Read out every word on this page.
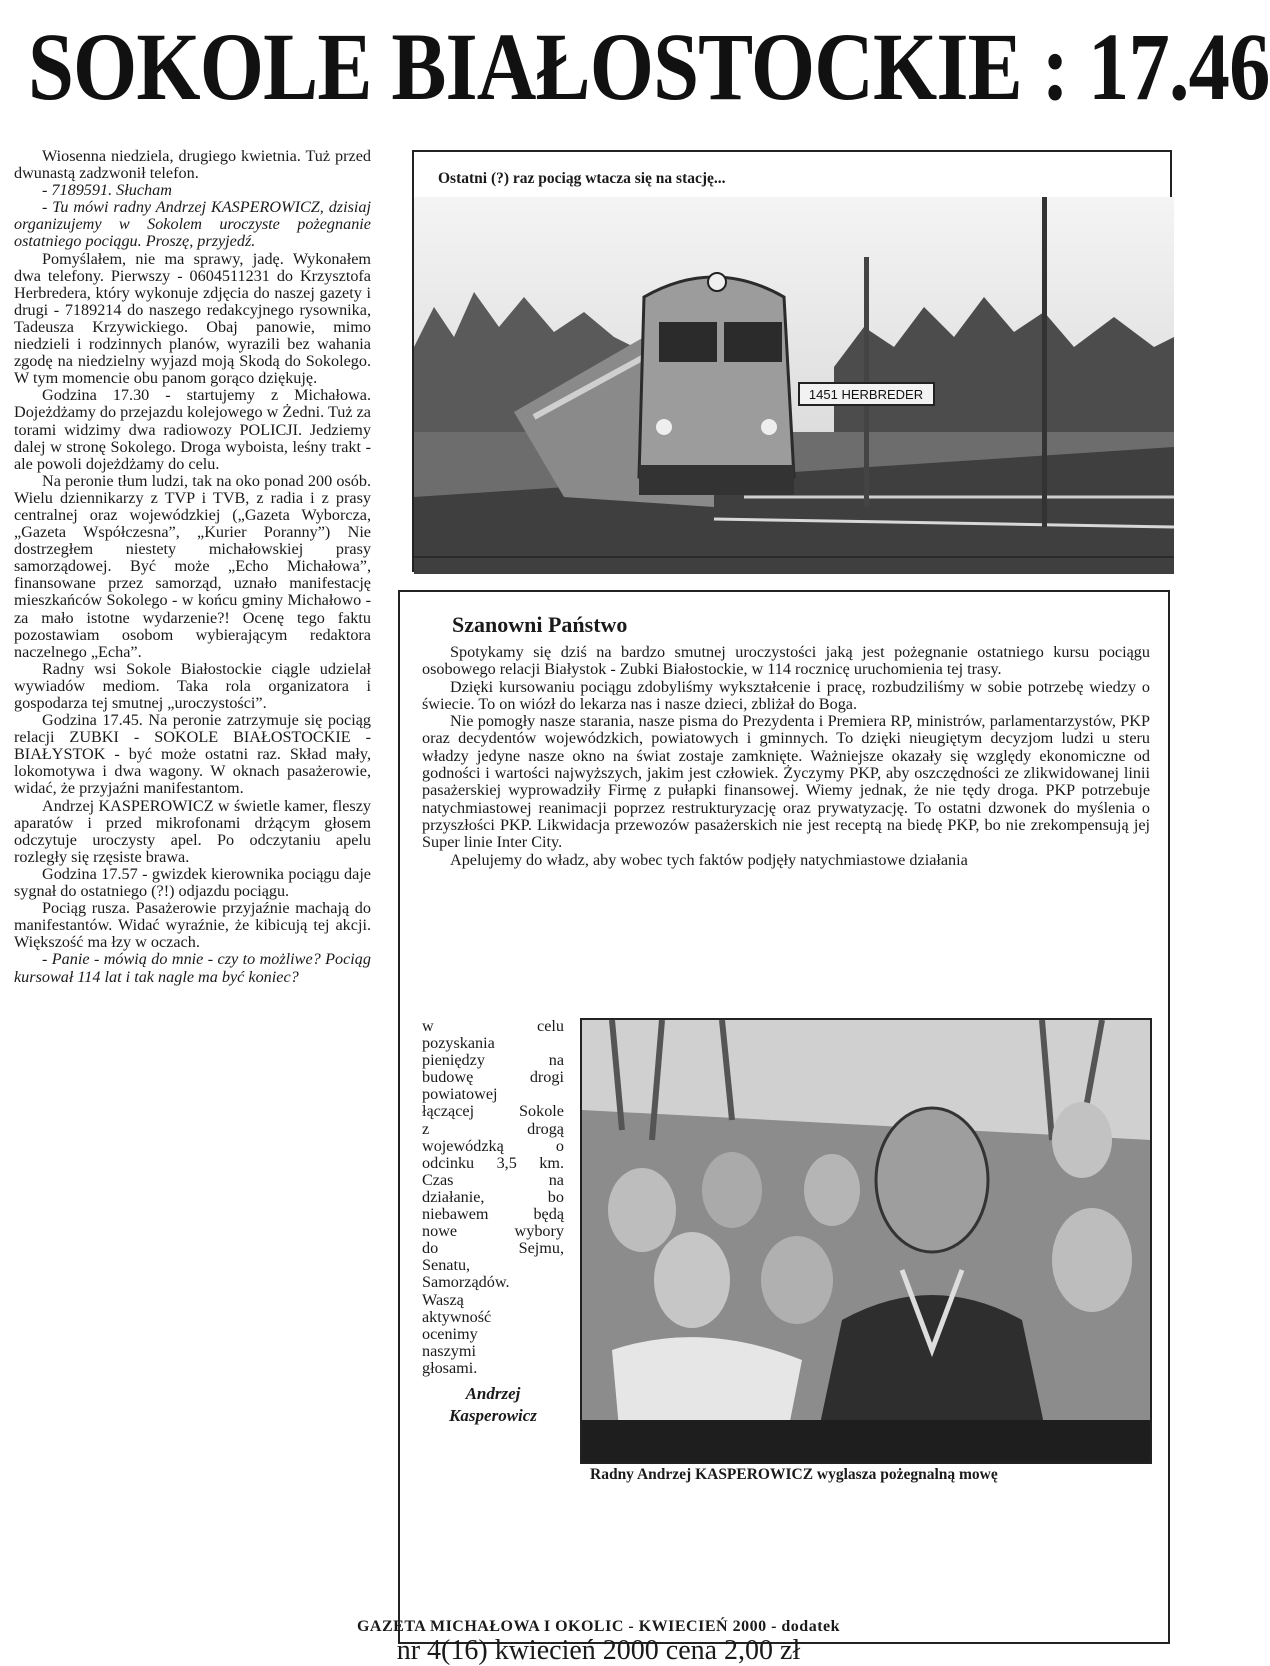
SOKOLE BIAŁOSTOCKIE : 17.46

Wiosenna niedziela, drugiego kwietnia. Tuż przed dwunastą zadzwonił telefon.

- 7189591. Słucham

- Tu mówi radny Andrzej KASPEROWICZ, dzisiaj organizujemy w Sokolem uroczyste pożegnanie ostatniego pociągu. Proszę, przyjedź.

Pomyślałem, nie ma sprawy, jadę. Wykonałem dwa telefony. Pierwszy - 0604511231 do Krzysztofa Herbredera, który wykonuje zdjęcia do naszej gazety i drugi - 7189214 do naszego redakcyjnego rysownika, Tadeusza Krzywickiego. Obaj panowie, mimo niedzieli i rodzinnych planów, wyrazili bez wahania zgodę na niedzielny wyjazd moją Skodą do Sokolego. W tym momencie obu panom gorąco dziękuję.

Godzina 17.30 - startujemy z Michałowa. Dojeżdżamy do przejazdu kolejowego w Żedni. Tuż za torami widzimy dwa radiowozy POLICJI. Jedziemy dalej w stronę Sokolego. Droga wyboista, leśny trakt -ale powoli dojeżdżamy do celu.

Na peronie tłum ludzi, tak na oko ponad 200 osób. Wielu dziennikarzy z TVP i TVB, z radia i z prasy centralnej oraz wojewódzkiej („Gazeta Wyborcza, „Gazeta Współczesna”, „Kurier Poranny”) Nie dostrzegłem niestety michałowskiej prasy samorządowej. Być może „Echo Michałowa”, finansowane przez samorząd, uznało manifestację mieszkańców Sokolego - w końcu gminy Michałowo - za mało istotne wydarzenie?! Ocenę tego faktu pozostawiam osobom wybierającym redaktora naczelnego „Echa”.

Radny wsi Sokole Białostockie ciągle udzielał wywiadów mediom. Taka rola organizatora i gospodarza tej smutnej „uroczystości”.

Godzina 17.45. Na peronie zatrzymuje się pociąg relacji ZUBKI - SOKOLE BIAŁOSTOCKIE - BIAŁYSTOK - być może ostatni raz. Skład mały, lokomotywa i dwa wagony. W oknach pasażerowie, widać, że przyjaźni manifestantom.

Andrzej KASPEROWICZ w świetle kamer, fleszy aparatów i przed mikrofonami drżącym głosem odczytuje uroczysty apel. Po odczytaniu apelu rozległy się rzęsiste brawa.

Godzina 17.57 - gwizdek kierownika pociągu daje sygnał do ostatniego (?!) odjazdu pociągu.

Pociąg rusza. Pasażerowie przyjaźnie machają do manifestantów. Widać wyraźnie, że kibicują tej akcji. Większość ma łzy w oczach.

- Panie - mówią do mnie - czy to możliwe? Pociąg kursował 114 lat i tak nagle ma być koniec?

Ostatni (?) raz pociąg wtacza się na stację...
1451 HERBREDER
Szanowni Państwo

Spotykamy się dziś na bardzo smutnej uroczystości jaką jest pożegnanie ostatniego kursu pociągu osobowego relacji Białystok - Zubki Białostockie, w 114 rocznicę uruchomienia tej trasy.

Dzięki kursowaniu pociągu zdobyliśmy wykształcenie i pracę, rozbudziliśmy w sobie potrzebę wiedzy o świecie. To on wiózł do lekarza nas i nasze dzieci, zbliżał do Boga.

Nie pomogły nasze starania, nasze pisma do Prezydenta i Premiera RP, ministrów, parlamentarzystów, PKP oraz decydentów wojewódzkich, powiatowych i gminnych. To dzięki nieugiętym decyzjom ludzi u steru władzy jedyne nasze okno na świat zostaje zamknięte. Ważniejsze okazały się względy ekonomiczne od godności i wartości najwyższych, jakim jest człowiek. Życzymy PKP, aby oszczędności ze zlikwidowanej linii pasażerskiej wyprowadziły Firmę z pułapki finansowej. Wiemy jednak, że nie tędy droga. PKP potrzebuje natychmiastowej reanimacji poprzez restrukturyzację oraz prywatyzację. To ostatni dzwonek do myślenia o przyszłości PKP. Likwidacja przewozów pasażerskich nie jest receptą na biedę PKP, bo nie zrekompensują jej Super linie Inter City.

Apelujemy do władz, aby wobec tych faktów podjęły natychmiastowe działania

w celu
pozyskania
pieniędzy na
budowę drogi
powiatowej
łączącej Sokole
z drogą
wojewódzką o
odcinku 3,5 km.
Czas na
działanie, bo
niebawem będą
nowe wybory
do Sejmu,
Senatu,
Samorządów.
Waszą
aktywność
ocenimy
naszymi
głosami.
Andrzej
Kasperowicz
Radny Andrzej KASPEROWICZ wyglasza pożegnalną mowę
GAZETA MICHAŁOWA I OKOLIC - KWIECIEŃ 2000 - dodatek
nr 4(16) kwiecień 2000 cena 2,00 zł
